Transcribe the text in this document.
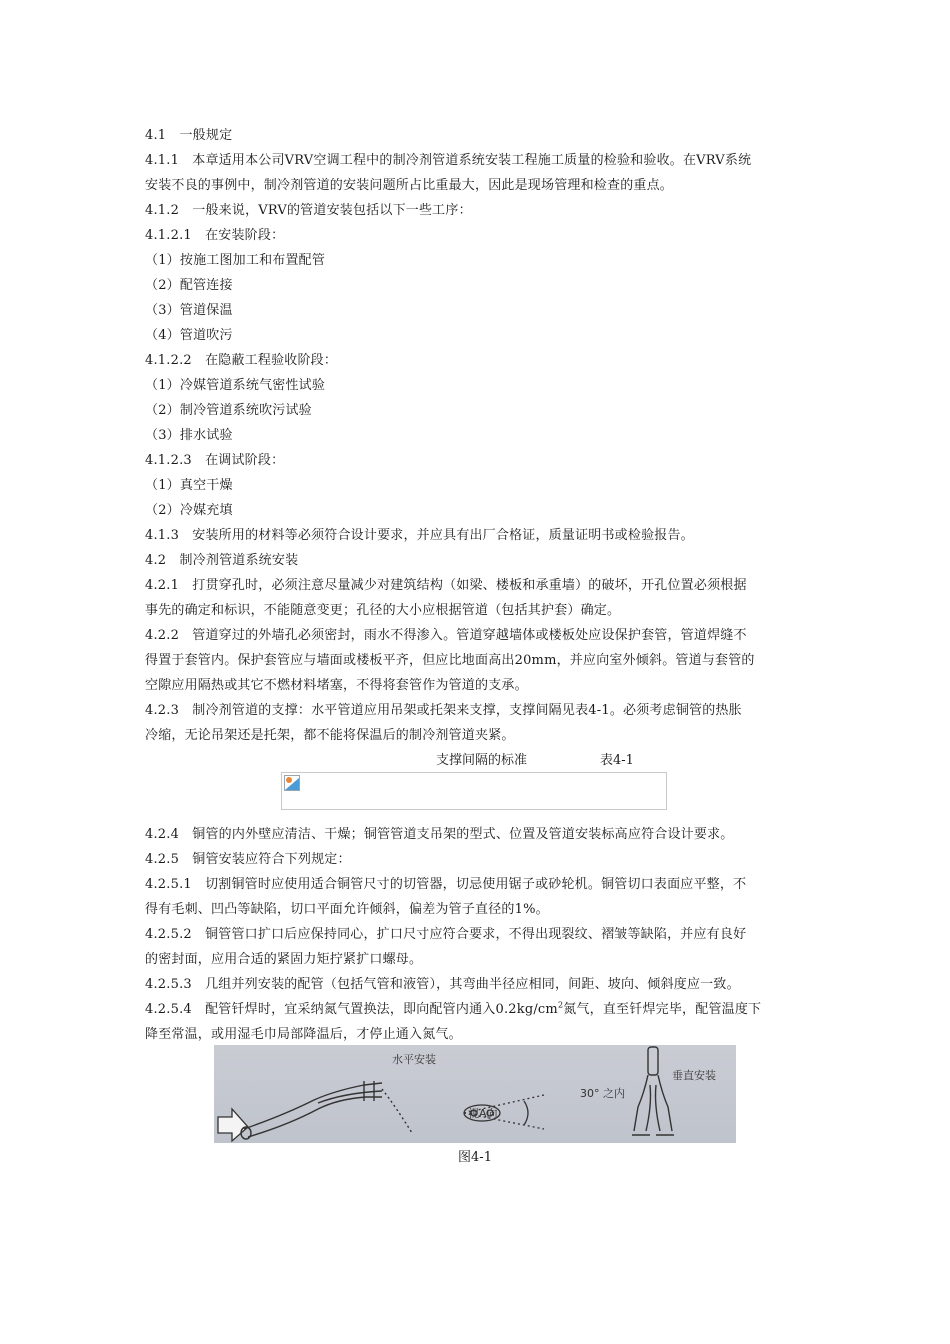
4.1　一般规定
4.1.1　本章适用本公司VRV空调工程中的制冷剂管道系统安装工程施工质量的检验和验收。在VRV系统
安装不良的事例中，制冷剂管道的安装问题所占比重最大，因此是现场管理和检查的重点。
4.1.2　一般来说，VRV的管道安装包括以下一些工序：
4.1.2.1　在安装阶段：
（1）按施工图加工和布置配管
（2）配管连接
（3）管道保温
（4）管道吹污
4.1.2.2　在隐蔽工程验收阶段：
（1）冷媒管道系统气密性试验
（2）制冷管道系统吹污试验
（3）排水试验
4.1.2.3　在调试阶段：
（1）真空干燥
（2）冷媒充填
4.1.3　安装所用的材料等必须符合设计要求，并应具有出厂合格证，质量证明书或检验报告。
4.2　制冷剂管道系统安装
4.2.1　打贯穿孔时，必须注意尽量减少对建筑结构（如梁、楼板和承重墙）的破坏，开孔位置必须根据
事先的确定和标识，不能随意变更；孔径的大小应根据管道（包括其护套）确定。
4.2.2　管道穿过的外墙孔必须密封，雨水不得渗入。管道穿越墙体或楼板处应设保护套管，管道焊缝不
得置于套管内。保护套管应与墙面或楼板平齐，但应比地面高出20mm，并应向室外倾斜。管道与套管的
空隙应用隔热或其它不燃材料堵塞，不得将套管作为管道的支承。
4.2.3　制冷剂管道的支撑：水平管道应用吊架或托架来支撑，支撑间隔见表4-1。必须考虑铜管的热胀
冷缩，无论吊架还是托架，都不能将保温后的制冷剂管道夹紧。
支撑间隔的标准	表4-1
4.2.4　铜管的内外壁应清洁、干燥；铜管管道支吊架的型式、位置及管道安装标高应符合设计要求。
4.2.5　铜管安装应符合下列规定：
4.2.5.1　切割铜管时应使用适合铜管尺寸的切管器，切忌使用锯子或砂轮机。铜管切口表面应平整，不
得有毛刺、凹凸等缺陷，切口平面允许倾斜，偏差为管子直径的1%。
4.2.5.2　铜管管口扩口后应保持同心，扩口尺寸应符合要求，不得出现裂纹、褶皱等缺陷，并应有良好
的密封面，应用合适的紧固力矩拧紧扩口螺母。
4.2.5.3　几组并列安装的配管（包括气管和液管），其弯曲半径应相同，间距、坡向、倾斜度应一致。
4.2.5.4　配管钎焊时，宜采纳氮气置换法，即向配管内通入$0.2kg/cm^2$氮气，直至钎焊完毕，配管温度下
降至常温，或用湿毛巾局部降温后，才停止通入氮气。
水平安装
视A向
30° 之内
垂直安装
图4-1
